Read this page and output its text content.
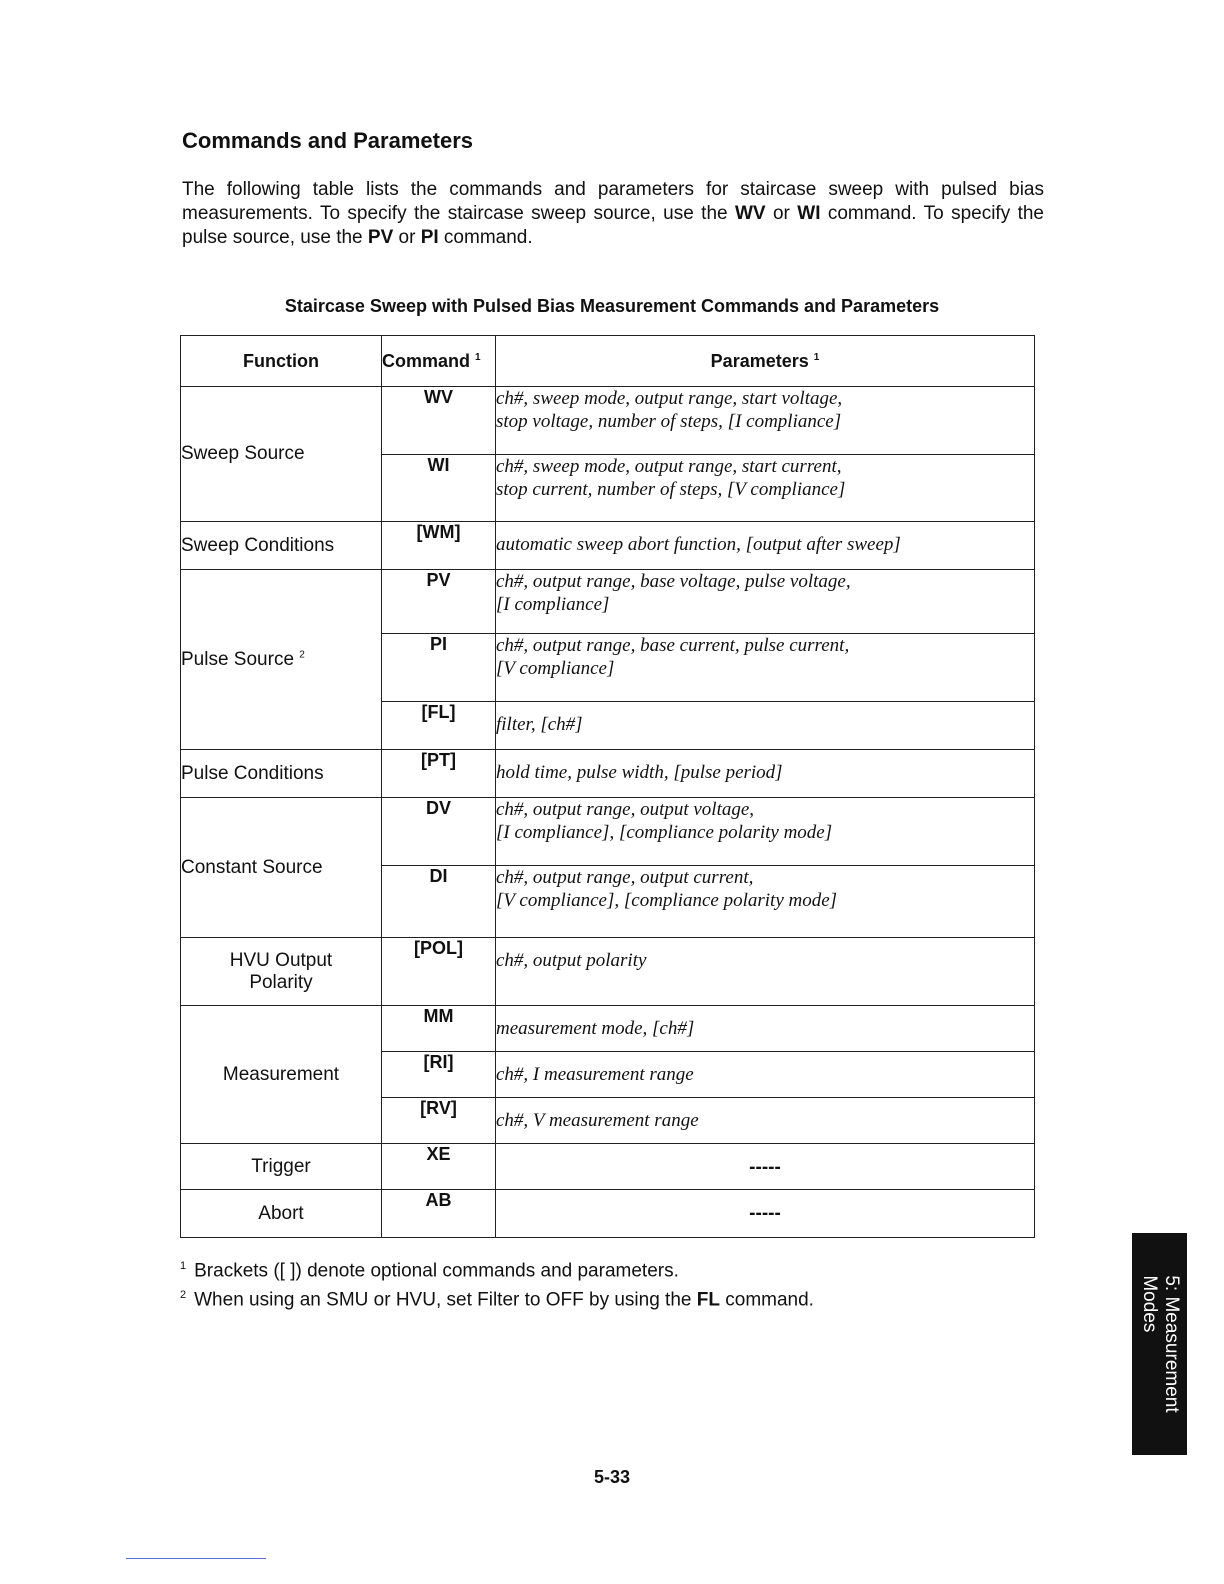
Commands and Parameters

The following table lists the commands and parameters for staircase sweep with pulsed bias measurements. To specify the staircase sweep source, use the WV or WI command. To specify the pulse source, use the PV or PI command.

Staircase Sweep with Pulsed Bias Measurement Commands and Parameters

Function	Command $^1$	Parameters $^1$
Sweep Source	WV	ch#, sweep mode, output range, start voltage,
stop voltage, number of steps, [I compliance]

	WI	ch#, sweep mode, output range, start current,
stop current, number of steps, [V compliance]

Sweep Conditions	[WM]	automatic sweep abort function, [output after sweep]

Pulse Source $^2$	PV	ch#, output range, base voltage, pulse voltage,
[I compliance]

	PI	ch#, output range, base current, pulse current,
[V compliance]

	[FL]	filter, [ch#]

Pulse Conditions	[PT]	hold time, pulse width, [pulse period]

Constant Source	DV	ch#, output range, output voltage,
[I compliance], [compliance polarity mode]

	DI	ch#, output range, output current,
[V compliance], [compliance polarity mode]

HVU Output
Polarity	[POL]	ch#, output polarity

Measurement	MM	measurement mode, [ch#]

	[RI]	ch#, I measurement range

	[RV]	ch#, V measurement range

Trigger	XE	-----

Abort	AB	-----
$^1$ Brackets ([ ]) denote optional commands and parameters.
$^2$ When using an SMU or HVU, set Filter to OFF by using the FL command.
5-33
5: Measurement
Modes
